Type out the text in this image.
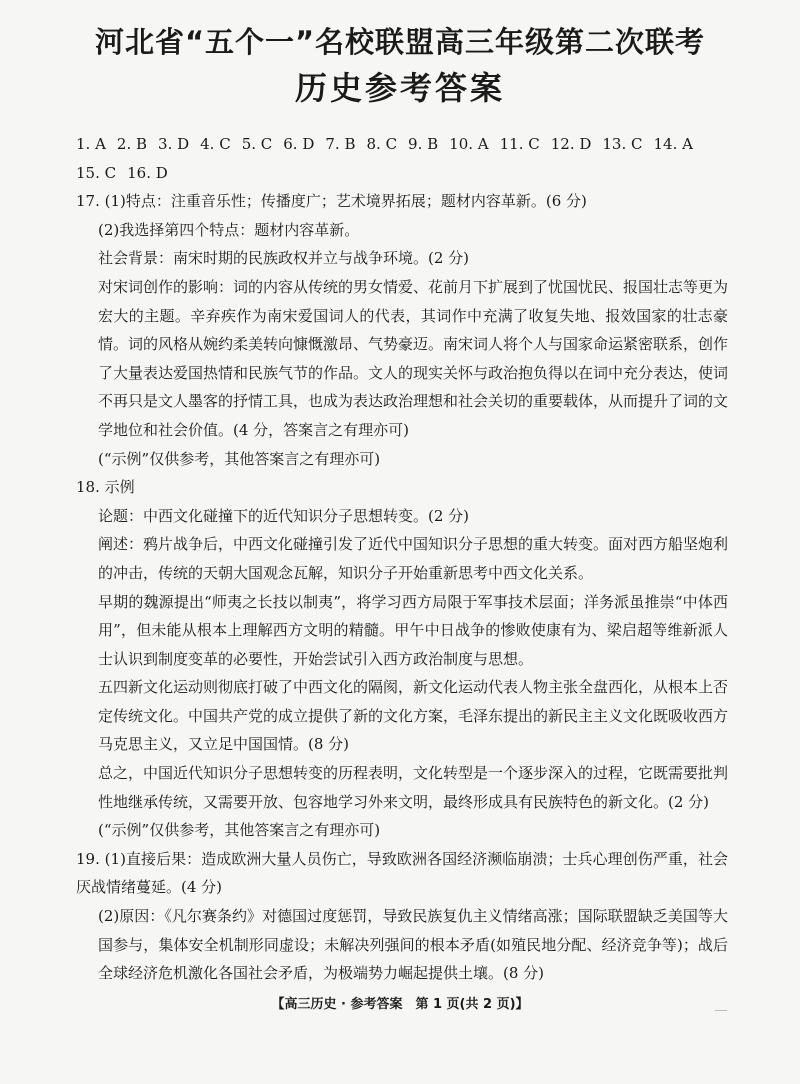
河北省“五个一”名校联盟高三年级第二次联考
历史参考答案

1. A 2. B 3. D 4. C 5. C 6. D 7. B 8. C 9. B 10. A 11. C 12. D 13. C 14. A

15. C 16. D

17. (1)特点：注重音乐性；传播度广；艺术境界拓展；题材内容革新。(6 分)

(2)我选择第四个特点：题材内容革新。

社会背景：南宋时期的民族政权并立与战争环境。(2 分)

对宋词创作的影响：词的内容从传统的男女情爱、花前月下扩展到了忧国忧民、报国壮志等更为宏大的主题。辛弃疾作为南宋爱国词人的代表，其词作中充满了收复失地、报效国家的壮志豪情。词的风格从婉约柔美转向慷慨激昂、气势豪迈。南宋词人将个人与国家命运紧密联系，创作了大量表达爱国热情和民族气节的作品。文人的现实关怀与政治抱负得以在词中充分表达，使词不再只是文人墨客的抒情工具，也成为表达政治理想和社会关切的重要载体，从而提升了词的文学地位和社会价值。(4 分，答案言之有理亦可)

(“示例”仅供参考，其他答案言之有理亦可)

18. 示例

论题：中西文化碰撞下的近代知识分子思想转变。(2 分)

阐述：鸦片战争后，中西文化碰撞引发了近代中国知识分子思想的重大转变。面对西方船坚炮利的冲击，传统的天朝大国观念瓦解，知识分子开始重新思考中西文化关系。

早期的魏源提出“师夷之长技以制夷”，将学习西方局限于军事技术层面；洋务派虽推崇“中体西用”，但未能从根本上理解西方文明的精髓。甲午中日战争的惨败使康有为、梁启超等维新派人士认识到制度变革的必要性，开始尝试引入西方政治制度与思想。

五四新文化运动则彻底打破了中西文化的隔阂，新文化运动代表人物主张全盘西化，从根本上否定传统文化。中国共产党的成立提供了新的文化方案，毛泽东提出的新民主主义文化既吸收西方马克思主义，又立足中国国情。(8 分)

总之，中国近代知识分子思想转变的历程表明，文化转型是一个逐步深入的过程，它既需要批判性地继承传统，又需要开放、包容地学习外来文明，最终形成具有民族特色的新文化。(2 分)

(“示例”仅供参考，其他答案言之有理亦可)

19. (1)直接后果：造成欧洲大量人员伤亡，导致欧洲各国经济濒临崩溃；士兵心理创伤严重，社会厌战情绪蔓延。(4 分)

(2)原因：《凡尔赛条约》对德国过度惩罚，导致民族复仇主义情绪高涨；国际联盟缺乏美国等大国参与，集体安全机制形同虚设；未解决列强间的根本矛盾(如殖民地分配、经济竞争等)；战后全球经济危机激化各国社会矛盾，为极端势力崛起提供土壤。(8 分)

【高三历史 · 参考答案　第 1 页(共 2 页)】
